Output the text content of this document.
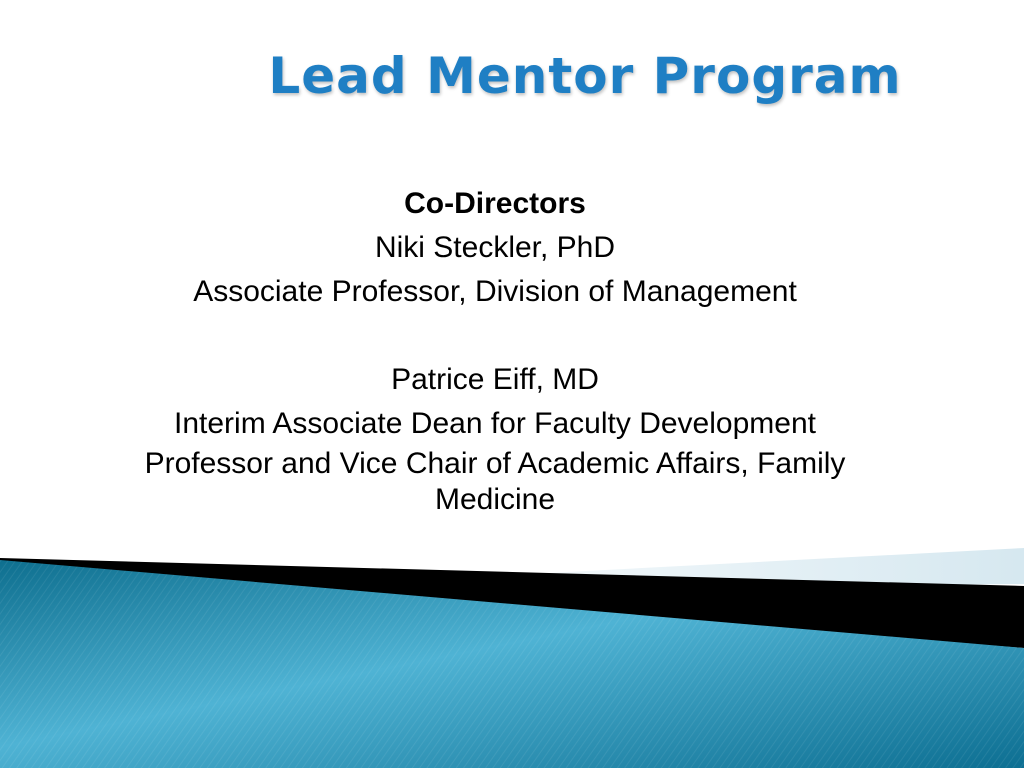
Lead Mentor Program
Co-Directors
Niki Steckler, PhD
Associate Professor, Division of Management
Patrice Eiff, MD
Interim Associate Dean for Faculty Development
Professor and Vice Chair of Academic Affairs, Family
Medicine
